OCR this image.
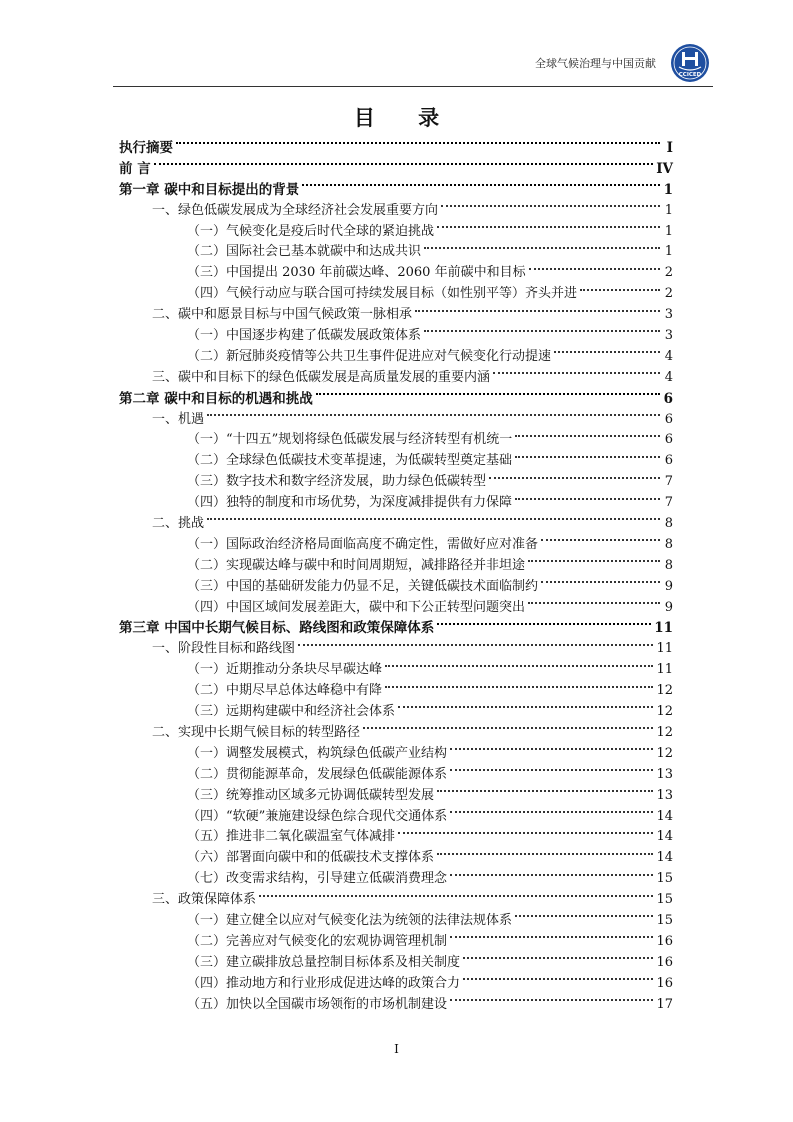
全球气候治理与中国贡献
CCICED
目 录
执行摘要	I
前 言	IV
第一章 碳中和目标提出的背景	1
一、绿色低碳发展成为全球经济社会发展重要方向	1
（一）气候变化是疫后时代全球的紧迫挑战	1
（二）国际社会已基本就碳中和达成共识	1
（三）中国提出 2030 年前碳达峰、2060 年前碳中和目标	2
（四）气候行动应与联合国可持续发展目标（如性别平等）齐头并进	2
二、碳中和愿景目标与中国气候政策一脉相承	3
（一）中国逐步构建了低碳发展政策体系	3
（二）新冠肺炎疫情等公共卫生事件促进应对气候变化行动提速	4
三、碳中和目标下的绿色低碳发展是高质量发展的重要内涵	4
第二章 碳中和目标的机遇和挑战	6
一、机遇	6
（一）“十四五”规划将绿色低碳发展与经济转型有机统一	6
（二）全球绿色低碳技术变革提速，为低碳转型奠定基础	6
（三）数字技术和数字经济发展，助力绿色低碳转型	7
（四）独特的制度和市场优势，为深度减排提供有力保障	7
二、挑战	8
（一）国际政治经济格局面临高度不确定性，需做好应对准备	8
（二）实现碳达峰与碳中和时间周期短，减排路径并非坦途	8
（三）中国的基础研发能力仍显不足，关键低碳技术面临制约	9
（四）中国区域间发展差距大，碳中和下公正转型问题突出	9
第三章 中国中长期气候目标、路线图和政策保障体系	11
一、阶段性目标和路线图	11
（一）近期推动分条块尽早碳达峰	11
（二）中期尽早总体达峰稳中有降	12
（三）远期构建碳中和经济社会体系	12
二、实现中长期气候目标的转型路径	12
（一）调整发展模式，构筑绿色低碳产业结构	12
（二）贯彻能源革命，发展绿色低碳能源体系	13
（三）统筹推动区域多元协调低碳转型发展	13
（四）“软硬”兼施建设绿色综合现代交通体系	14
（五）推进非二氧化碳温室气体减排	14
（六）部署面向碳中和的低碳技术支撑体系	14
（七）改变需求结构，引导建立低碳消费理念	15
三、政策保障体系	15
（一）建立健全以应对气候变化法为统领的法律法规体系	15
（二）完善应对气候变化的宏观协调管理机制	16
（三）建立碳排放总量控制目标体系及相关制度	16
（四）推动地方和行业形成促进达峰的政策合力	16
（五）加快以全国碳市场领衔的市场机制建设	17
I
